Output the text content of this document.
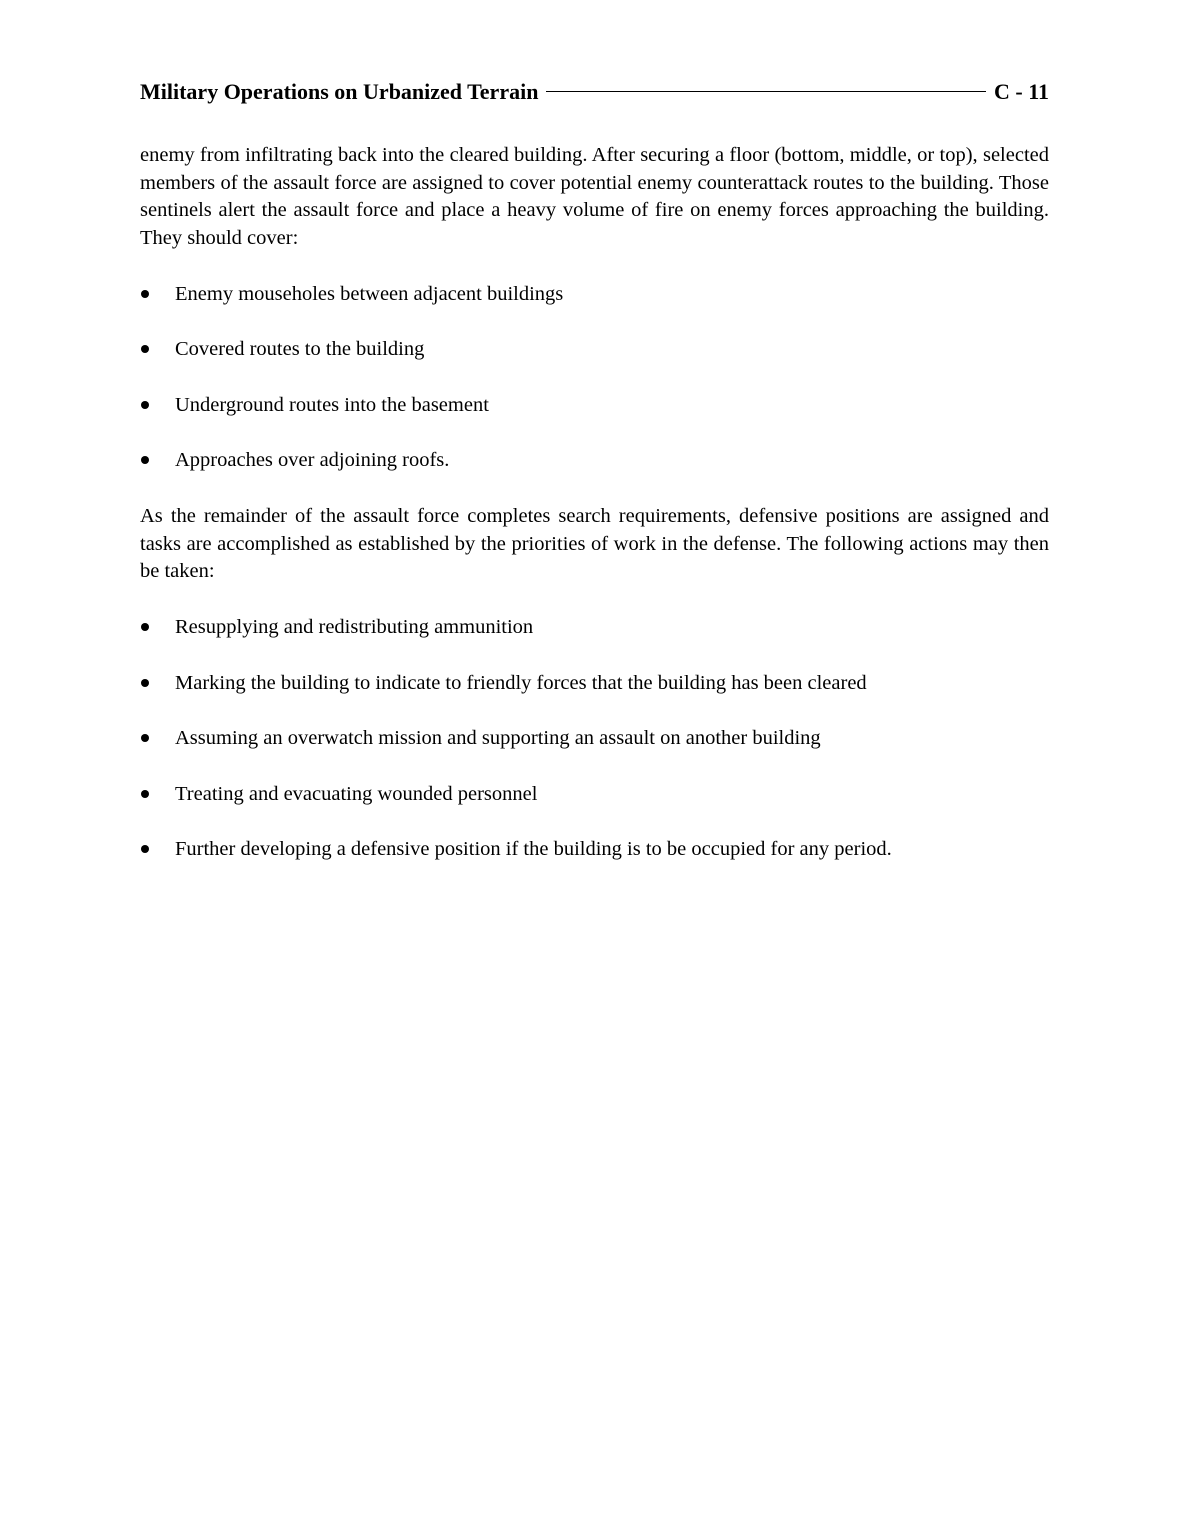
Military Operations on Urbanized Terrain	C - 11

enemy from infiltrating back into the cleared building. After securing a floor (bottom, middle, or top), selected members of the assault force are assigned to cover potential enemy counterattack routes to the building. Those sentinels alert the assault force and place a heavy volume of fire on enemy forces approaching the building. They should cover:

Enemy mouseholes between adjacent buildings
Covered routes to the building
Underground routes into the basement
Approaches over adjoining roofs.

As the remainder of the assault force completes search requirements, defensive positions are assigned and tasks are accomplished as established by the priorities of work in the defense. The following actions may then be taken:

Resupplying and redistributing ammunition
Marking the building to indicate to friendly forces that the building has been cleared
Assuming an overwatch mission and supporting an assault on another building
Treating and evacuating wounded personnel
Further developing a defensive position if the building is to be occupied for any period.
